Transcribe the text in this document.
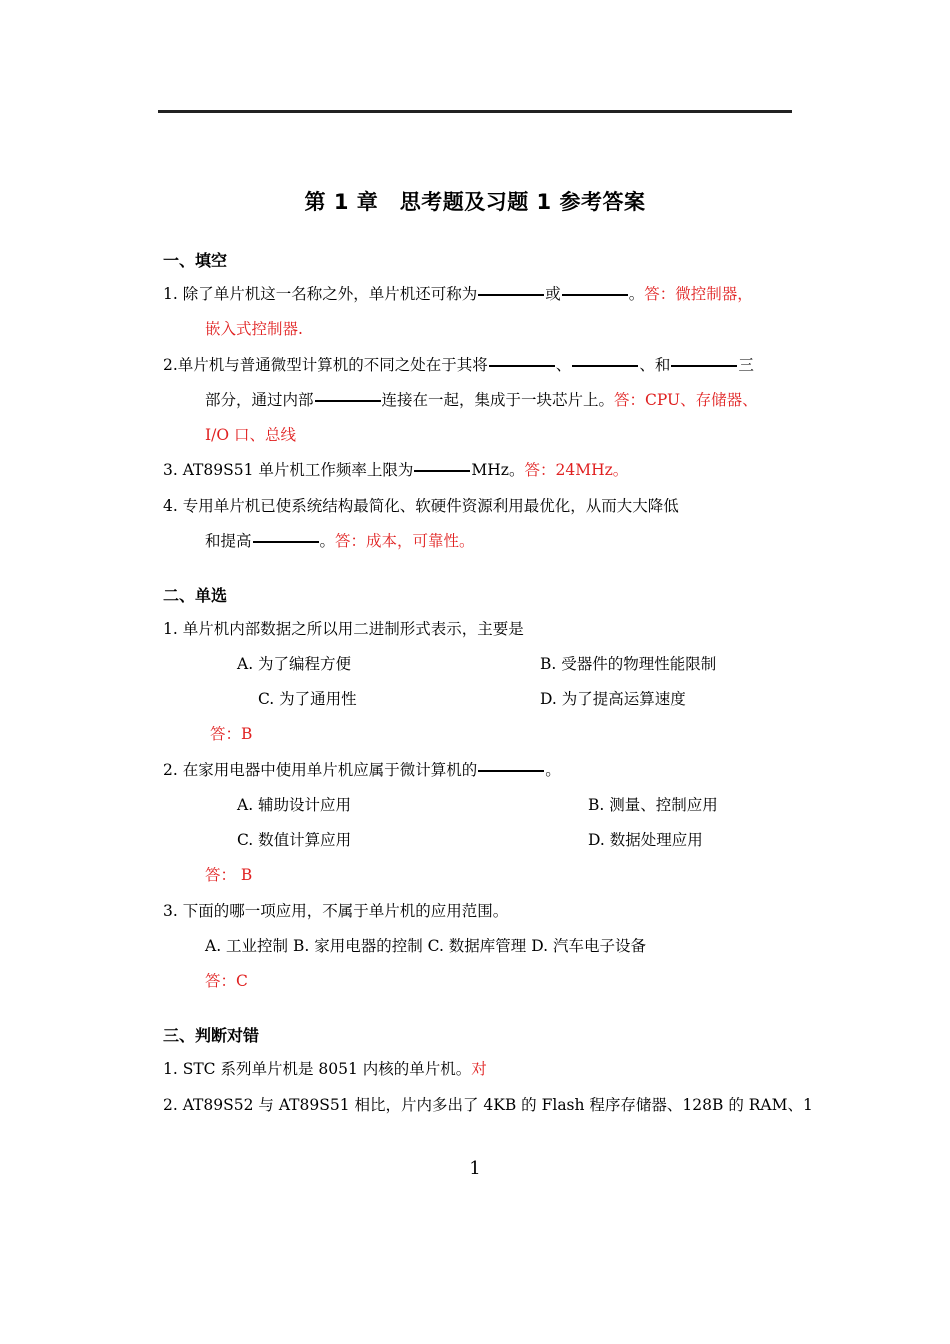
第 1 章　思考题及习题 1 参考答案
一、填空
1. 除了单片机这一名称之外，单片机还可称为	或	。答：微控制器，
嵌入式控制器.
2.单片机与普通微型计算机的不同之处在于其将	、	、和	三
部分，通过内部	连接在一起，集成于一块芯片上。答：CPU、存储器、
I/O 口、总线
3. AT89S51 单片机工作频率上限为	MHz。答：24MHz。
4. 专用单片机已使系统结构最简化、软硬件资源利用最优化，从而大大降低
和提高	。答：成本，可靠性。
二、单选
1. 单片机内部数据之所以用二进制形式表示，主要是
A. 为了编程方便	B. 受器件的物理性能限制
C. 为了通用性	D. 为了提高运算速度
答：B
2. 在家用电器中使用单片机应属于微计算机的	。
A. 辅助设计应用	B. 测量、控制应用
C. 数值计算应用	D. 数据处理应用
答： B
3. 下面的哪一项应用，不属于单片机的应用范围。
A. 工业控制 B. 家用电器的控制 C. 数据库管理 D. 汽车电子设备
答：C
三、判断对错
1. STC 系列单片机是 8051 内核的单片机。对
2. AT89S52 与 AT89S51 相比，片内多出了 4KB 的 Flash 程序存储器、128B 的 RAM、1
1
